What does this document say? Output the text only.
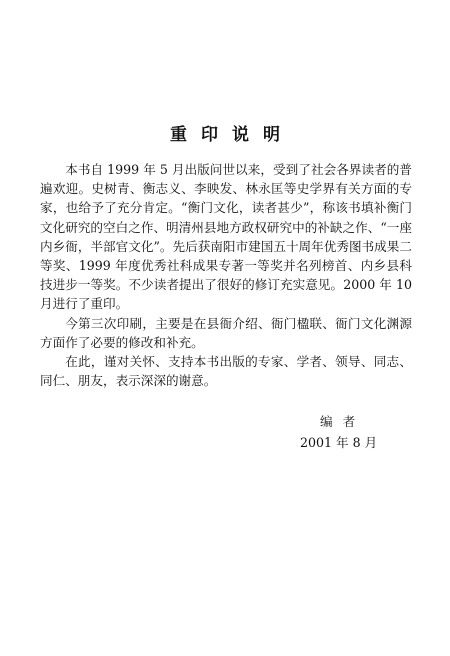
重印说明

本书自 1999 年 5 月出版问世以来，受到了社会各界读者的普遍欢迎。史树青、衡志义、李映发、林永匡等史学界有关方面的专家，也给予了充分肯定。“衡门文化，读者甚少”，称该书填补衡门文化研究的空白之作、明清州县地方政权研究中的补缺之作、“一座内乡衙，半部官文化”。先后获南阳市建国五十周年优秀图书成果二等奖、1999 年度优秀社科成果专著一等奖并名列榜首、内乡县科技进步一等奖。不少读者提出了很好的修订充实意见。2000 年 10 月进行了重印。

今第三次印刷，主要是在县衙介绍、衙门楹联、衙门文化渊源方面作了必要的修改和补充。

在此，谨对关怀、支持本书出版的专家、学者、领导、同志、同仁、朋友，表示深深的谢意。

编者
2001 年 8 月
